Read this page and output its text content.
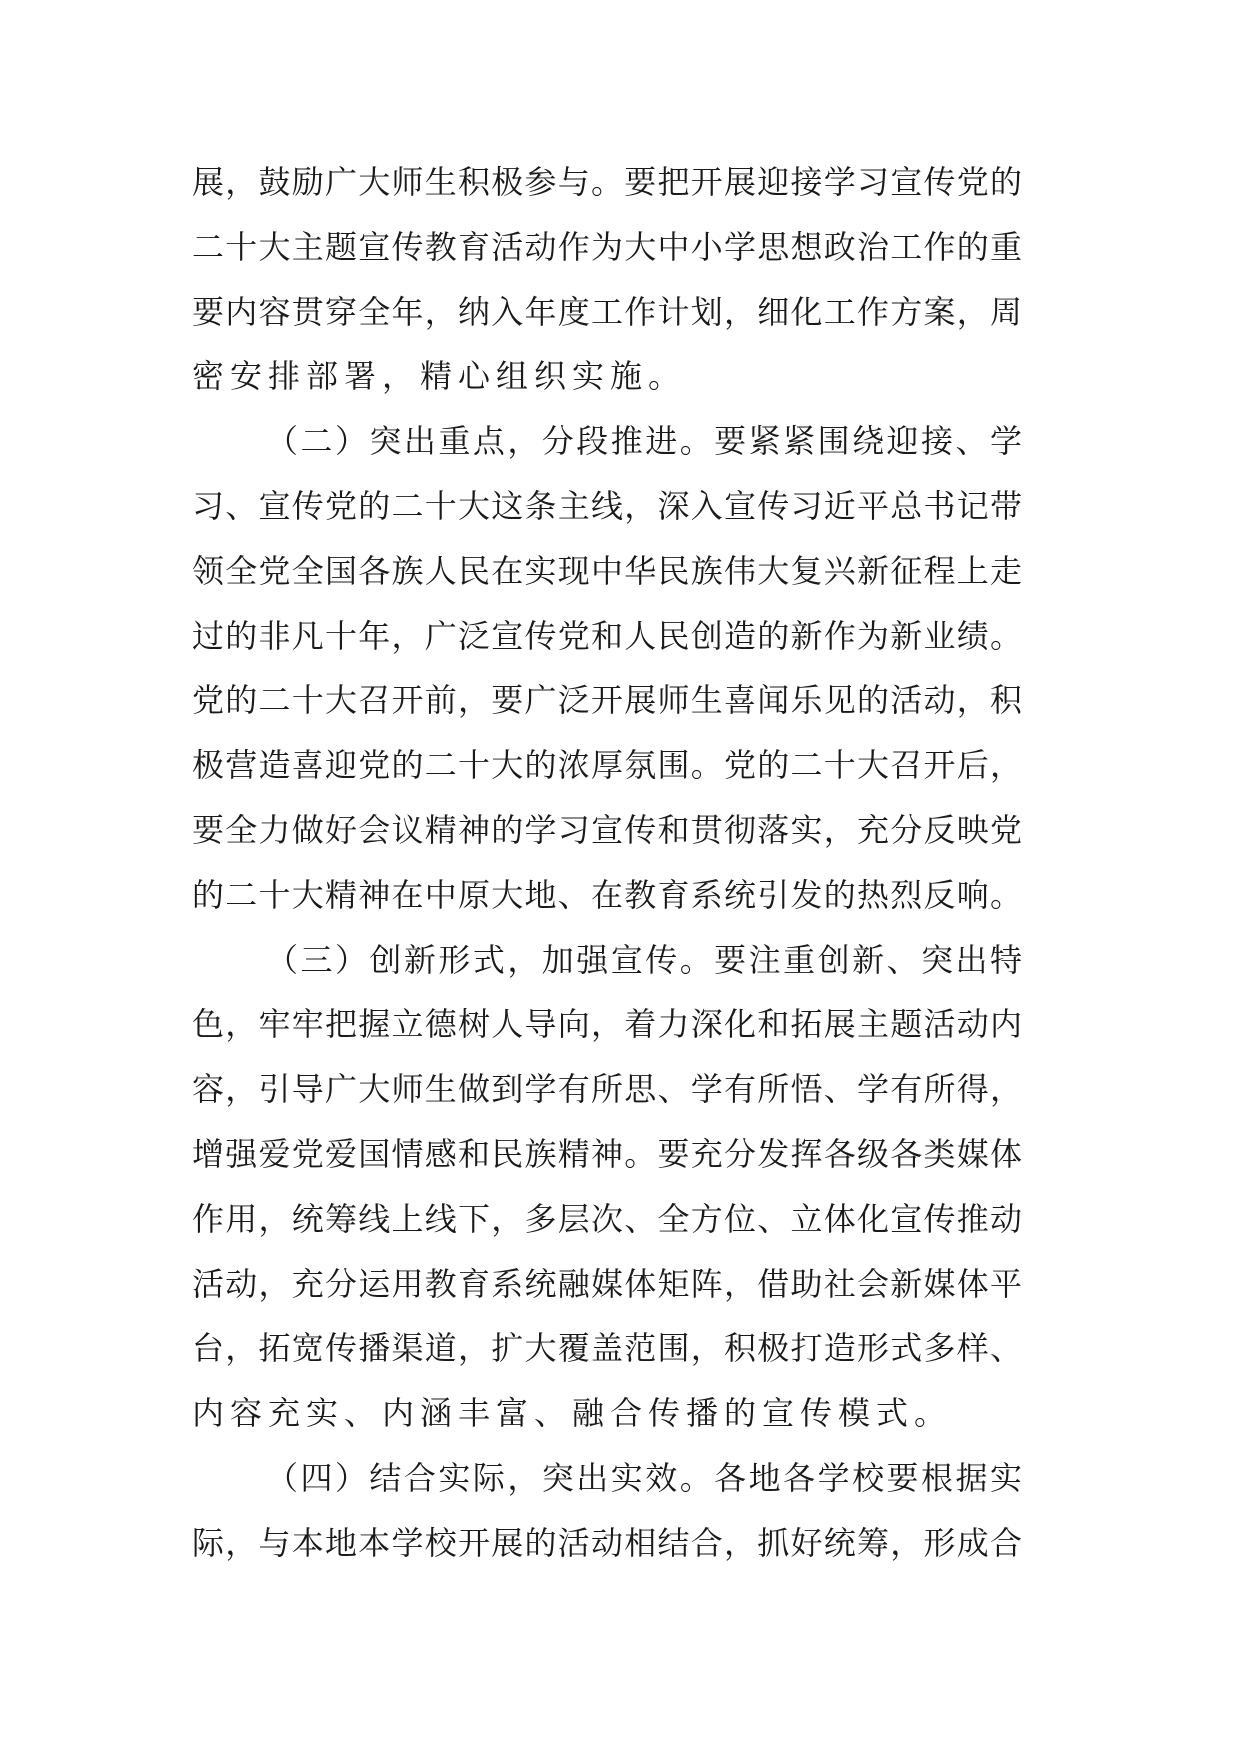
展，鼓励广大师生积极参与。要把开展迎接学习宣传党的
二十大主题宣传教育活动作为大中小学思想政治工作的重
要内容贯穿全年，纳入年度工作计划，细化工作方案，周
密安排部署，精心组织实施。
（二）突出重点，分段推进。要紧紧围绕迎接、学
习、宣传党的二十大这条主线，深入宣传习近平总书记带
领全党全国各族人民在实现中华民族伟大复兴新征程上走
过的非凡十年，广泛宣传党和人民创造的新作为新业绩。
党的二十大召开前，要广泛开展师生喜闻乐见的活动，积
极营造喜迎党的二十大的浓厚氛围。党的二十大召开后，
要全力做好会议精神的学习宣传和贯彻落实，充分反映党
的二十大精神在中原大地、在教育系统引发的热烈反响。
（三）创新形式，加强宣传。要注重创新、突出特
色，牢牢把握立德树人导向，着力深化和拓展主题活动内
容，引导广大师生做到学有所思、学有所悟、学有所得，
增强爱党爱国情感和民族精神。要充分发挥各级各类媒体
作用，统筹线上线下，多层次、全方位、立体化宣传推动
活动，充分运用教育系统融媒体矩阵，借助社会新媒体平
台，拓宽传播渠道，扩大覆盖范围，积极打造形式多样、
内容充实、内涵丰富、融合传播的宣传模式。
（四）结合实际，突出实效。各地各学校要根据实
际，与本地本学校开展的活动相结合，抓好统筹，形成合
